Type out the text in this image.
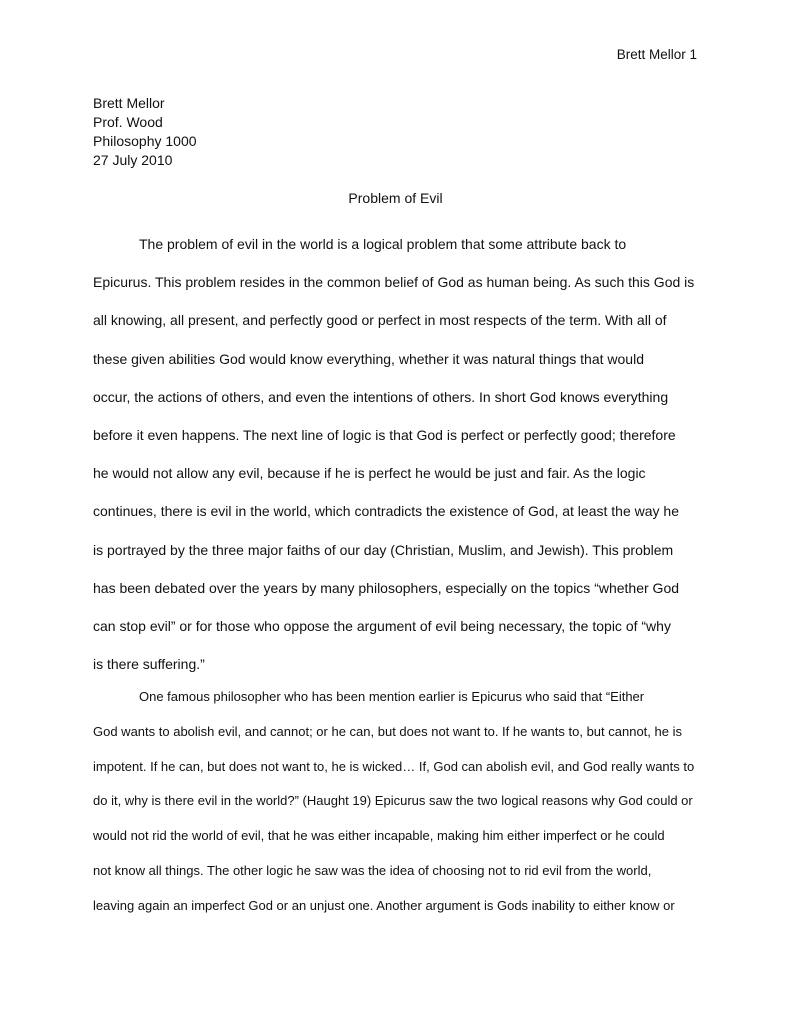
Brett Mellor 1
Brett Mellor
Prof. Wood
Philosophy 1000
27 July 2010
Problem of Evil
The problem of evil in the world is a logical problem that some attribute back to
Epicurus. This problem resides in the common belief of God as human being. As such this God is
all knowing, all present, and perfectly good or perfect in most respects of the term. With all of
these given abilities God would know everything, whether it was natural things that would
occur, the actions of others, and even the intentions of others. In short God knows everything
before it even happens. The next line of logic is that God is perfect or perfectly good; therefore
he would not allow any evil, because if he is perfect he would be just and fair. As the logic
continues, there is evil in the world, which contradicts the existence of God, at least the way he
is portrayed by the three major faiths of our day (Christian, Muslim, and Jewish). This problem
has been debated over the years by many philosophers, especially on the topics “whether God
can stop evil” or for those who oppose the argument of evil being necessary, the topic of “why
is there suffering.”
One famous philosopher who has been mention earlier is Epicurus who said that “Either
God wants to abolish evil, and cannot; or he can, but does not want to. If he wants to, but cannot, he is
impotent. If he can, but does not want to, he is wicked… If, God can abolish evil, and God really wants to
do it, why is there evil in the world?” (Haught 19) Epicurus saw the two logical reasons why God could or
would not rid the world of evil, that he was either incapable, making him either imperfect or he could
not know all things. The other logic he saw was the idea of choosing not to rid evil from the world,
leaving again an imperfect God or an unjust one. Another argument is Gods inability to either know or
